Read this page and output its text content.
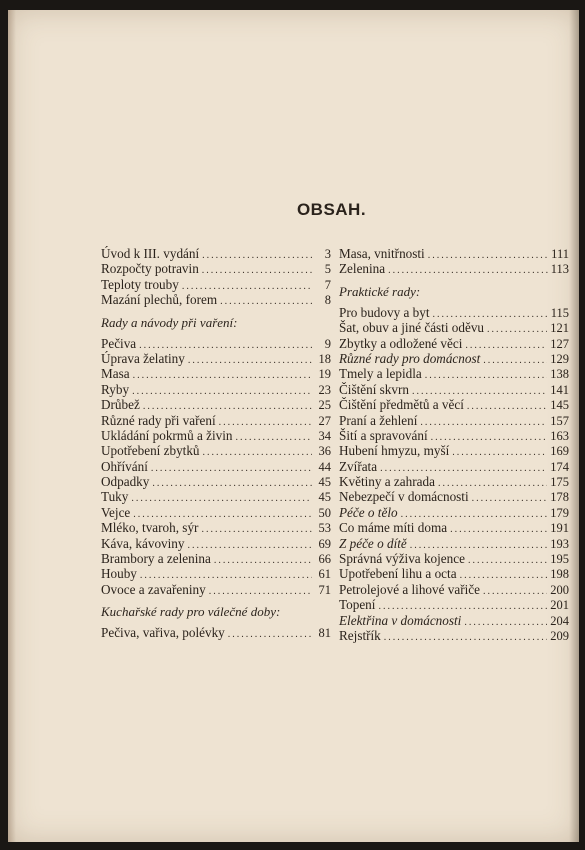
OBSAH.
Úvod k III. vydání .....	3
Rozpočty potravin .....	5
Teploty trouby .....	7
Mazání plechů, forem .....	8
Rady a návody při vaření:
Pečiva .....	9
Úprava želatiny .....	18
Masa .....	19
Ryby .....	23
Drůbež .....	25
Různé rady při vaření .....	27
Ukládání pokrmů a živin .....	34
Upotřebení zbytků .....	36
Ohřívání .....	44
Odpadky .....	45
Tuky .....	45
Vejce .....	50
Mléko, tvaroh, sýr .....	53
Káva, kávoviny .....	69
Brambory a zelenina .....	66
Houby .....	61
Ovoce a zavařeniny .....	71
Kuchařské rady pro válečné doby:
Pečiva, vařiva, polévky .....	81
Masa, vnitřnosti .....	111
Zelenina .....	113
Praktické rady:
Pro budovy a byt .....	115
Šat, obuv a jiné části oděvu .....	121
Zbytky a odložené věci .....	127
Různé rady pro domácnost .....	129
Tmely a lepidla .....	138
Čištění skvrn .....	141
Čištění předmětů a věcí .....	145
Praní a žehlení .....	157
Šití a spravování .....	163
Hubení hmyzu, myší .....	169
Zvířata .....	174
Květiny a zahrada .....	175
Nebezpečí v domácnosti .....	178
Péče o tělo .....	179
Co máme míti doma .....	191
Z péče o dítě .....	193
Správná výživa kojence .....	195
Upotřebení lihu a octa .....	198
Petrolejové a lihové vařiče .....	200
Topení .....	201
Elektřina v domácnosti .....	204
Rejstřík .....	209
